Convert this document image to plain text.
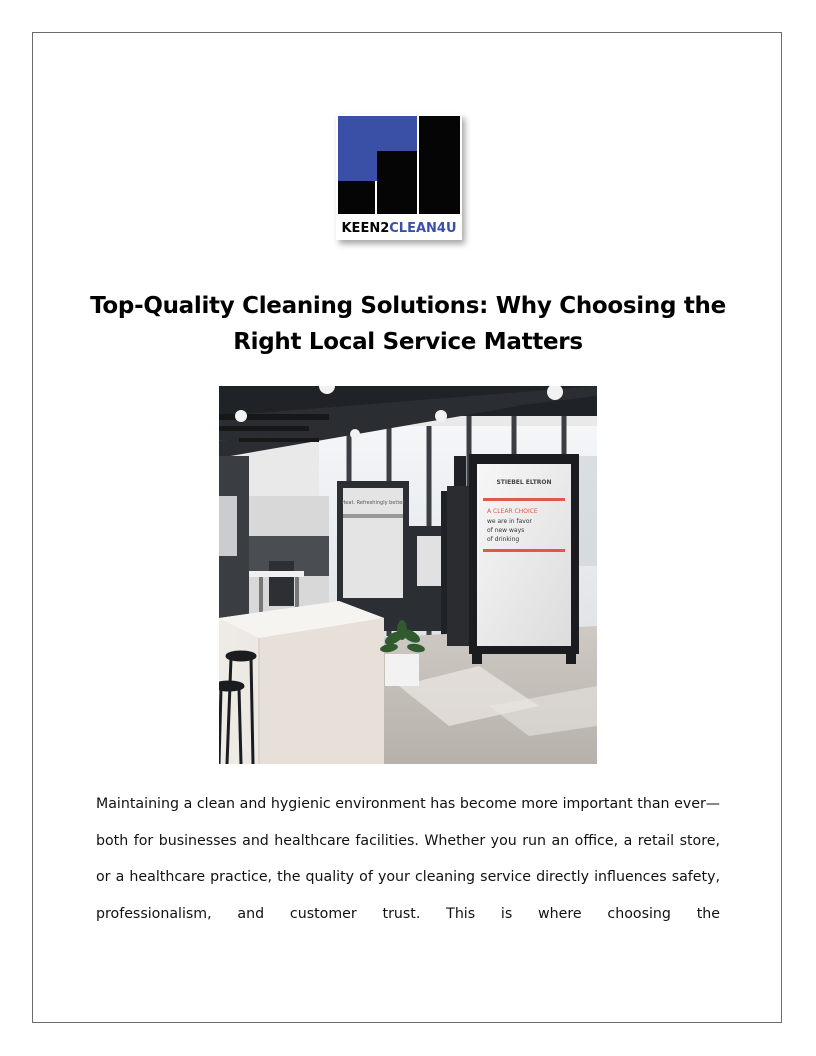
KEEN2CLEAN4U
Top-Quality Cleaning Solutions: Why Choosing the
Right Local Service Matters
Heat. Refreshingly better
STIEBEL ELTRON
A CLEAR CHOICE
we are in favor
of new ways
of drinking
Maintaining a clean and hygienic environment has become more important than ever—both for businesses and healthcare facilities. Whether you run an office, a retail store, or a healthcare practice, the quality of your cleaning service directly influences safety, professionalism, and customer trust. This is where choosing the
